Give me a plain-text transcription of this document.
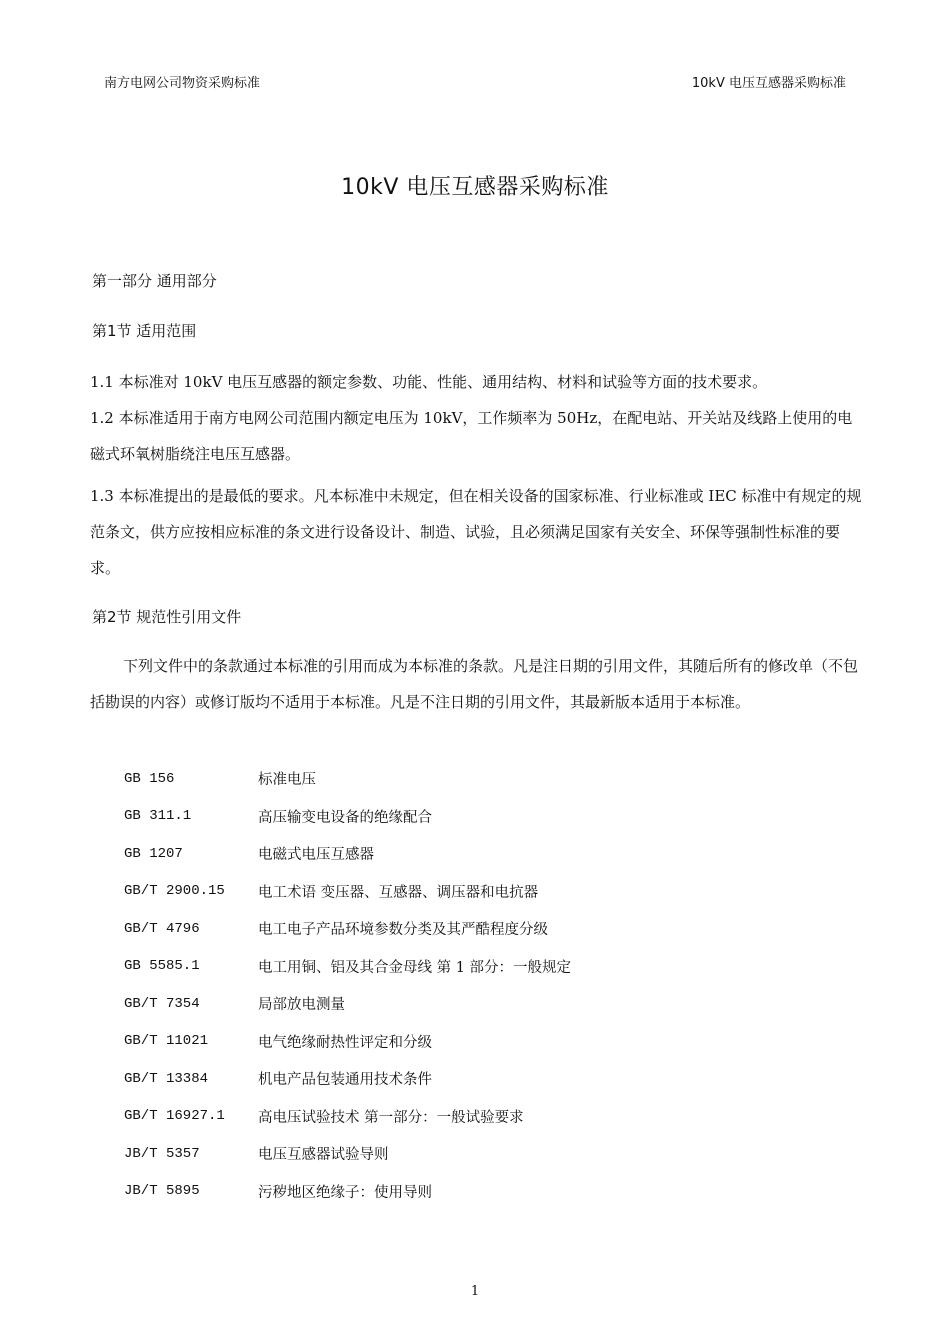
南方电网公司物资采购标准	10kV 电压互感器采购标准
10kV 电压互感器采购标准
第一部分 通用部分
第1节 适用范围
1.1 本标准对 10kV 电压互感器的额定参数、功能、性能、通用结构、材料和试验等方面的技术要求。
1.2 本标准适用于南方电网公司范围内额定电压为 10kV，工作频率为 50Hz，在配电站、开关站及线路上使用的电磁式环氧树脂绕注电压互感器。
1.3 本标准提出的是最低的要求。凡本标准中未规定，但在相关设备的国家标准、行业标准或 IEC 标准中有规定的规范条文，供方应按相应标准的条文进行设备设计、制造、试验，且必须满足国家有关安全、环保等强制性标准的要求。
第2节 规范性引用文件
下列文件中的条款通过本标准的引用而成为本标准的条款。凡是注日期的引用文件，其随后所有的修改单（不包括勘误的内容）或修订版均不适用于本标准。凡是不注日期的引用文件，其最新版本适用于本标准。
GB 156	标准电压
GB 311.1	高压输变电设备的绝缘配合
GB 1207	电磁式电压互感器
GB/T 2900.15	电工术语 变压器、互感器、调压器和电抗器
GB/T 4796	电工电子产品环境参数分类及其严酷程度分级
GB 5585.1	电工用铜、铝及其合金母线 第 1 部分：一般规定
GB/T 7354	局部放电测量
GB/T 11021	电气绝缘耐热性评定和分级
GB/T 13384	机电产品包装通用技术条件
GB/T 16927.1	高电压试验技术 第一部分：一般试验要求
JB/T 5357	电压互感器试验导则
JB/T 5895	污秽地区绝缘子：使用导则
1
